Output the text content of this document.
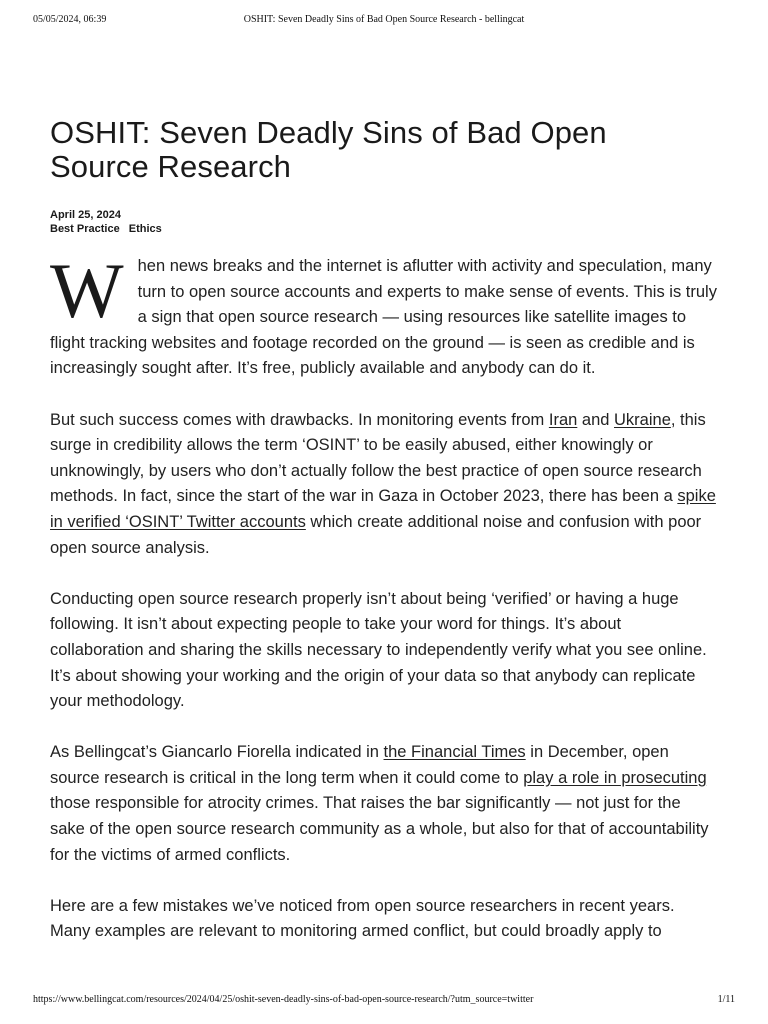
05/05/2024, 06:39	OSHIT: Seven Deadly Sins of Bad Open Source Research - bellingcat
OSHIT: Seven Deadly Sins of Bad Open Source Research
April 25, 2024
Best Practice Ethics

When news breaks and the internet is aflutter with activity and speculation, many turn to open source accounts and experts to make sense of events. This is truly a sign that open source research — using resources like satellite images to flight tracking websites and footage recorded on the ground — is seen as credible and is increasingly sought after. It’s free, publicly available and anybody can do it.

But such success comes with drawbacks. In monitoring events from Iran and Ukraine, this surge in credibility allows the term ‘OSINT’ to be easily abused, either knowingly or unknowingly, by users who don’t actually follow the best practice of open source research methods. In fact, since the start of the war in Gaza in October 2023, there has been a spike in verified ‘OSINT’ Twitter accounts which create additional noise and confusion with poor open source analysis.

Conducting open source research properly isn’t about being ‘verified’ or having a huge following. It isn’t about expecting people to take your word for things. It’s about collaboration and sharing the skills necessary to independently verify what you see online. It’s about showing your working and the origin of your data so that anybody can replicate your methodology.

As Bellingcat’s Giancarlo Fiorella indicated in the Financial Times in December, open source research is critical in the long term when it could come to play a role in prosecuting those responsible for atrocity crimes. That raises the bar significantly — not just for the sake of the open source research community as a whole, but also for that of accountability for the victims of armed conflicts.

Here are a few mistakes we’ve noticed from open source researchers in recent years. Many examples are relevant to monitoring armed conflict, but could broadly apply to

https://www.bellingcat.com/resources/2024/04/25/oshit-seven-deadly-sins-of-bad-open-source-research/?utm_source=twitter	1/11
